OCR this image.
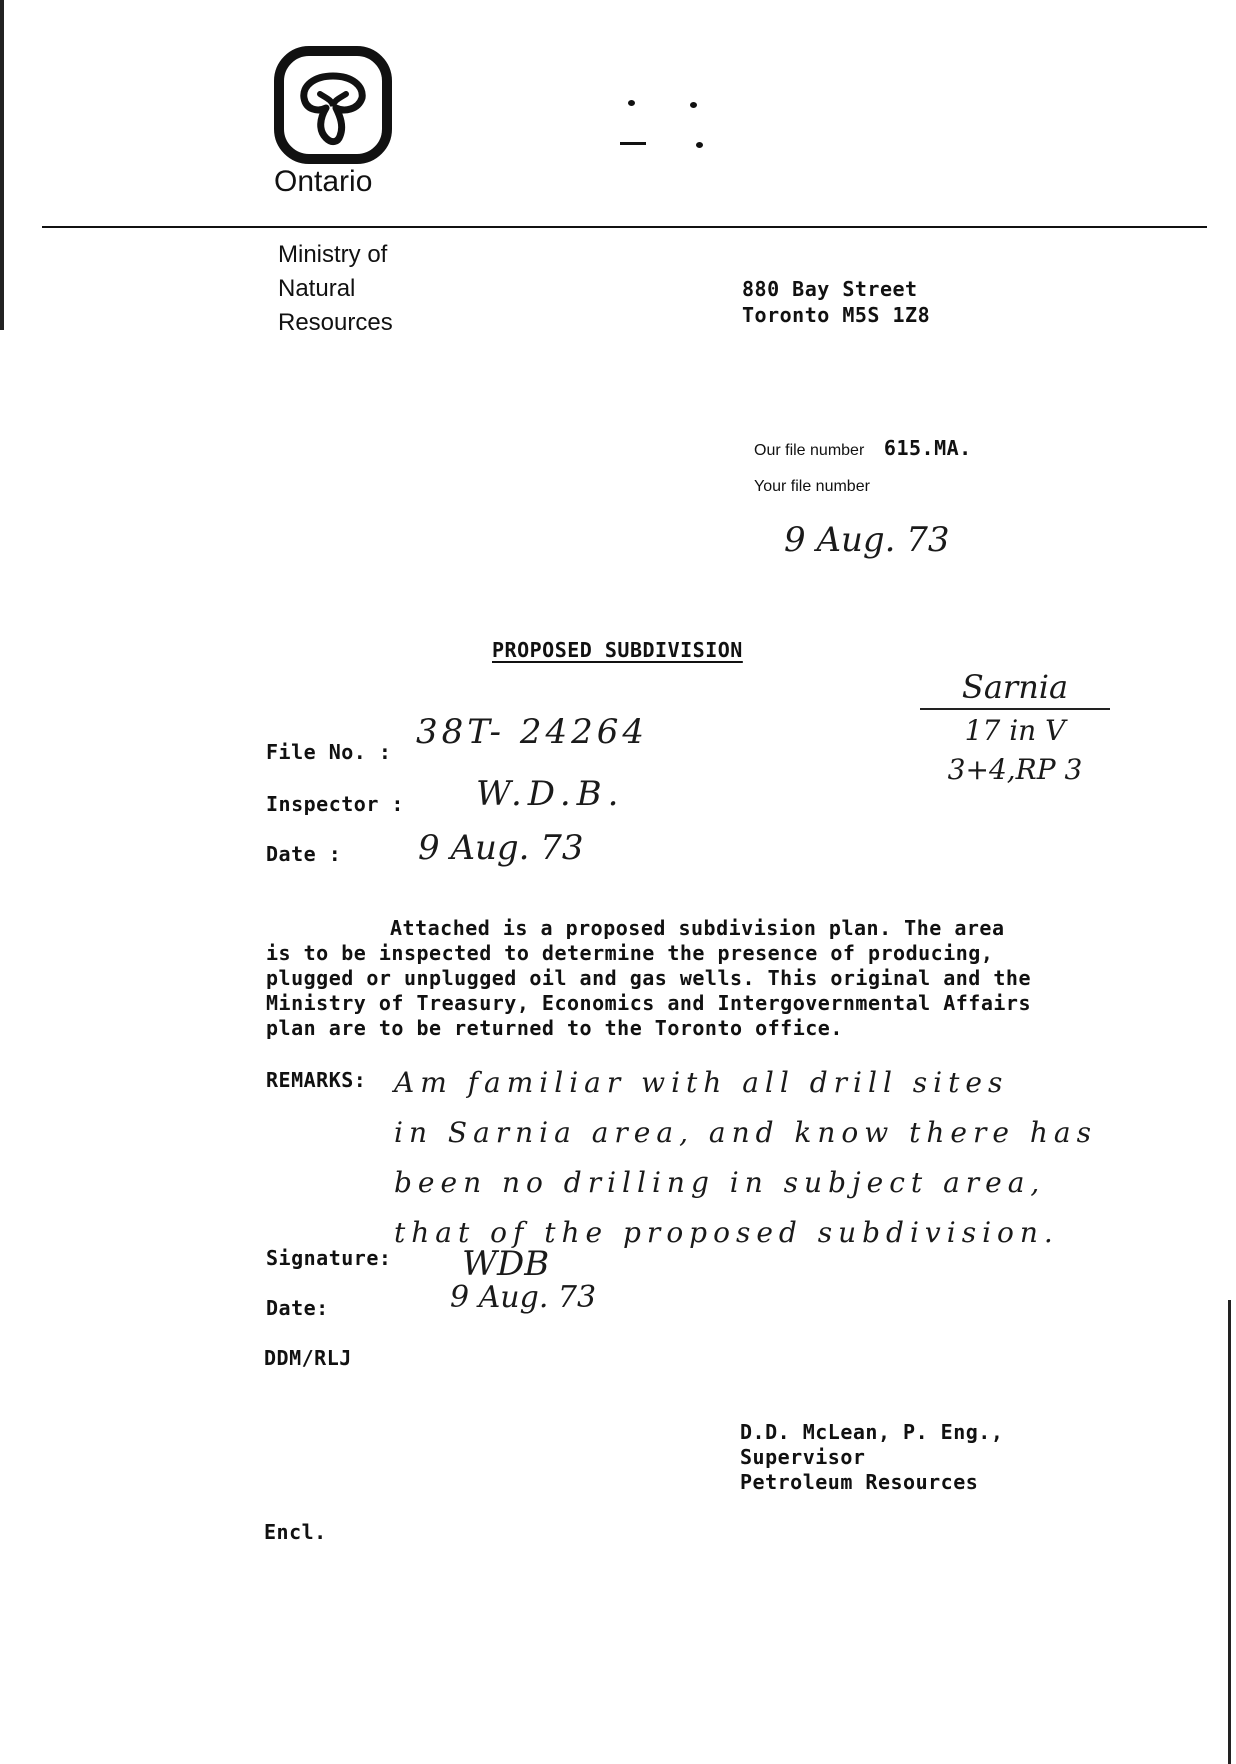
Ontario
Ministry of
Natural
Resources
880 Bay Street
Toronto M5S 1Z8
Our file number 615.MA.
Your file number
9 Aug. 73
PROPOSED SUBDIVISION
Sarnia
17 in V
3+4,RP 3
File No. : 38T- 24264
Inspector : W.D.B.
Date : 9 Aug. 73
Attached is a proposed subdivision plan. The area
is to be inspected to determine the presence of producing,
plugged or unplugged oil and gas wells. This original and the
Ministry of Treasury, Economics and Intergovernmental Affairs
plan are to be returned to the Toronto office.
REMARKS: Am familiar with all drill sites
in Sarnia area, and know there has
been no drilling in subject area,
that of the proposed subdivision.
Signature: WDB
Date:	9 Aug. 73
DDM/RLJ
D.D. McLean, P. Eng.,
Supervisor
Petroleum Resources
Encl.
